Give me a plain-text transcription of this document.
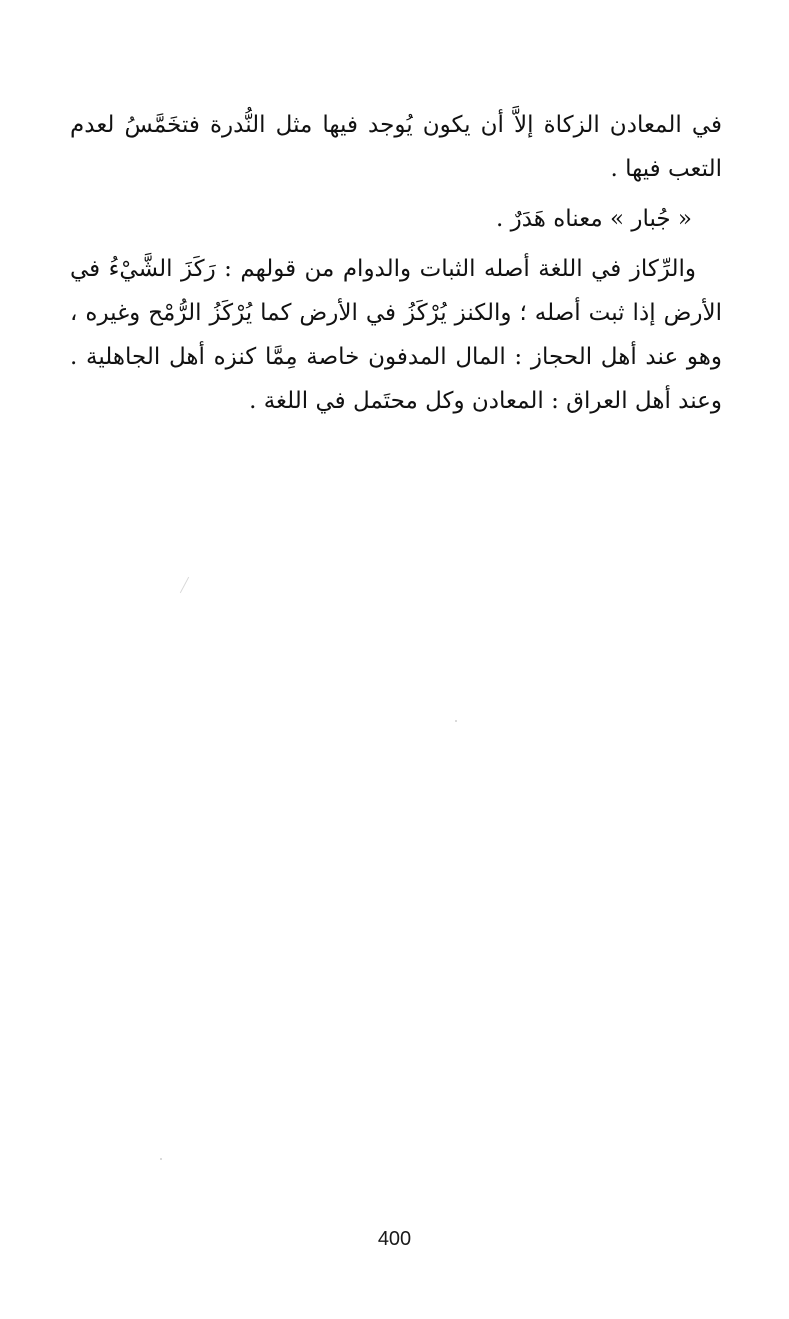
في المعادن الزكاة إلاَّ أن يكون يُوجد فيها مثل النُّدرة فتخَمَّسُ لعدم التعب فيها .

« جُبار » معناه هَدَرٌ .

والرِّكاز في اللغة أصله الثبات والدوام من قولهم : رَكَزَ الشَّيْءُ في الأرض إذا ثبت أصله ؛ والكنز يُرْكَزُ في الأرض كما يُرْكَزُ الرُّمْح وغيره ، وهو عند أهل الحجاز : المال المدفون خاصة مِمَّا كنزه أهل الجاهلية . وعند أهل العراق : المعادن وكل محتَمل في اللغة .

400
